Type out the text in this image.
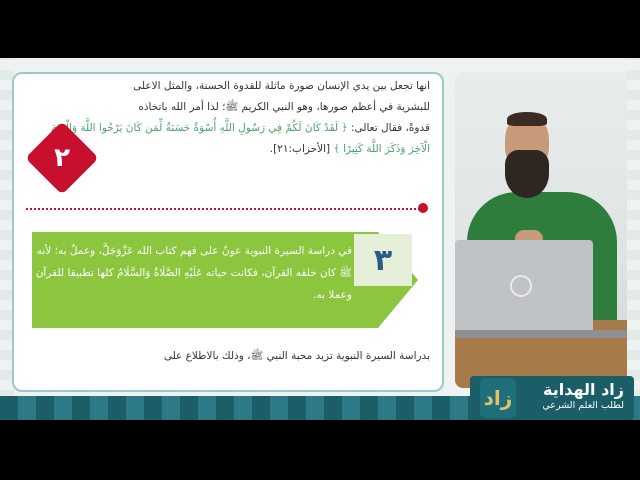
انها تجعل بين يدي الإنسان صورة ماثلة للقدوة الحسنة، والمثل الاعلى
للبشرية في أعظم صورها، وهو النبي الكريم ﷺ؛ لذا أمر الله باتخاذه
قدوةً، فقال تعالى: ﴿ لَقَدْ كَانَ لَكُمْ فِي رَسُولِ اللَّهِ أُسْوَةٌ حَسَنَةٌ لِّمَن كَانَ يَرْجُوا اللَّهَ وَالْيَوْمَ الْآخِرَ وَذَكَرَ اللَّهَ كَثِيرًا ﴾ [الأحزاب:٢١].
٢
٣
في دراسة السيرة النبوية عونٌ على فهم كتاب الله عَزَّوَجَلَّ، وعملٌ به؛ لأنه ﷺ كان خلقه القرآن، فكانت حياته عَلَيْهِ الصَّلَاةُ وَالسَّلَامُ كلها تطبيقا للقرآن وعملا به.
بدراسة السيرة النبوية تزيد محبة النبي ﷺ، وذلك بالاطلاع على
زاد	زاد الهداية
لطلب العلم الشرعي
